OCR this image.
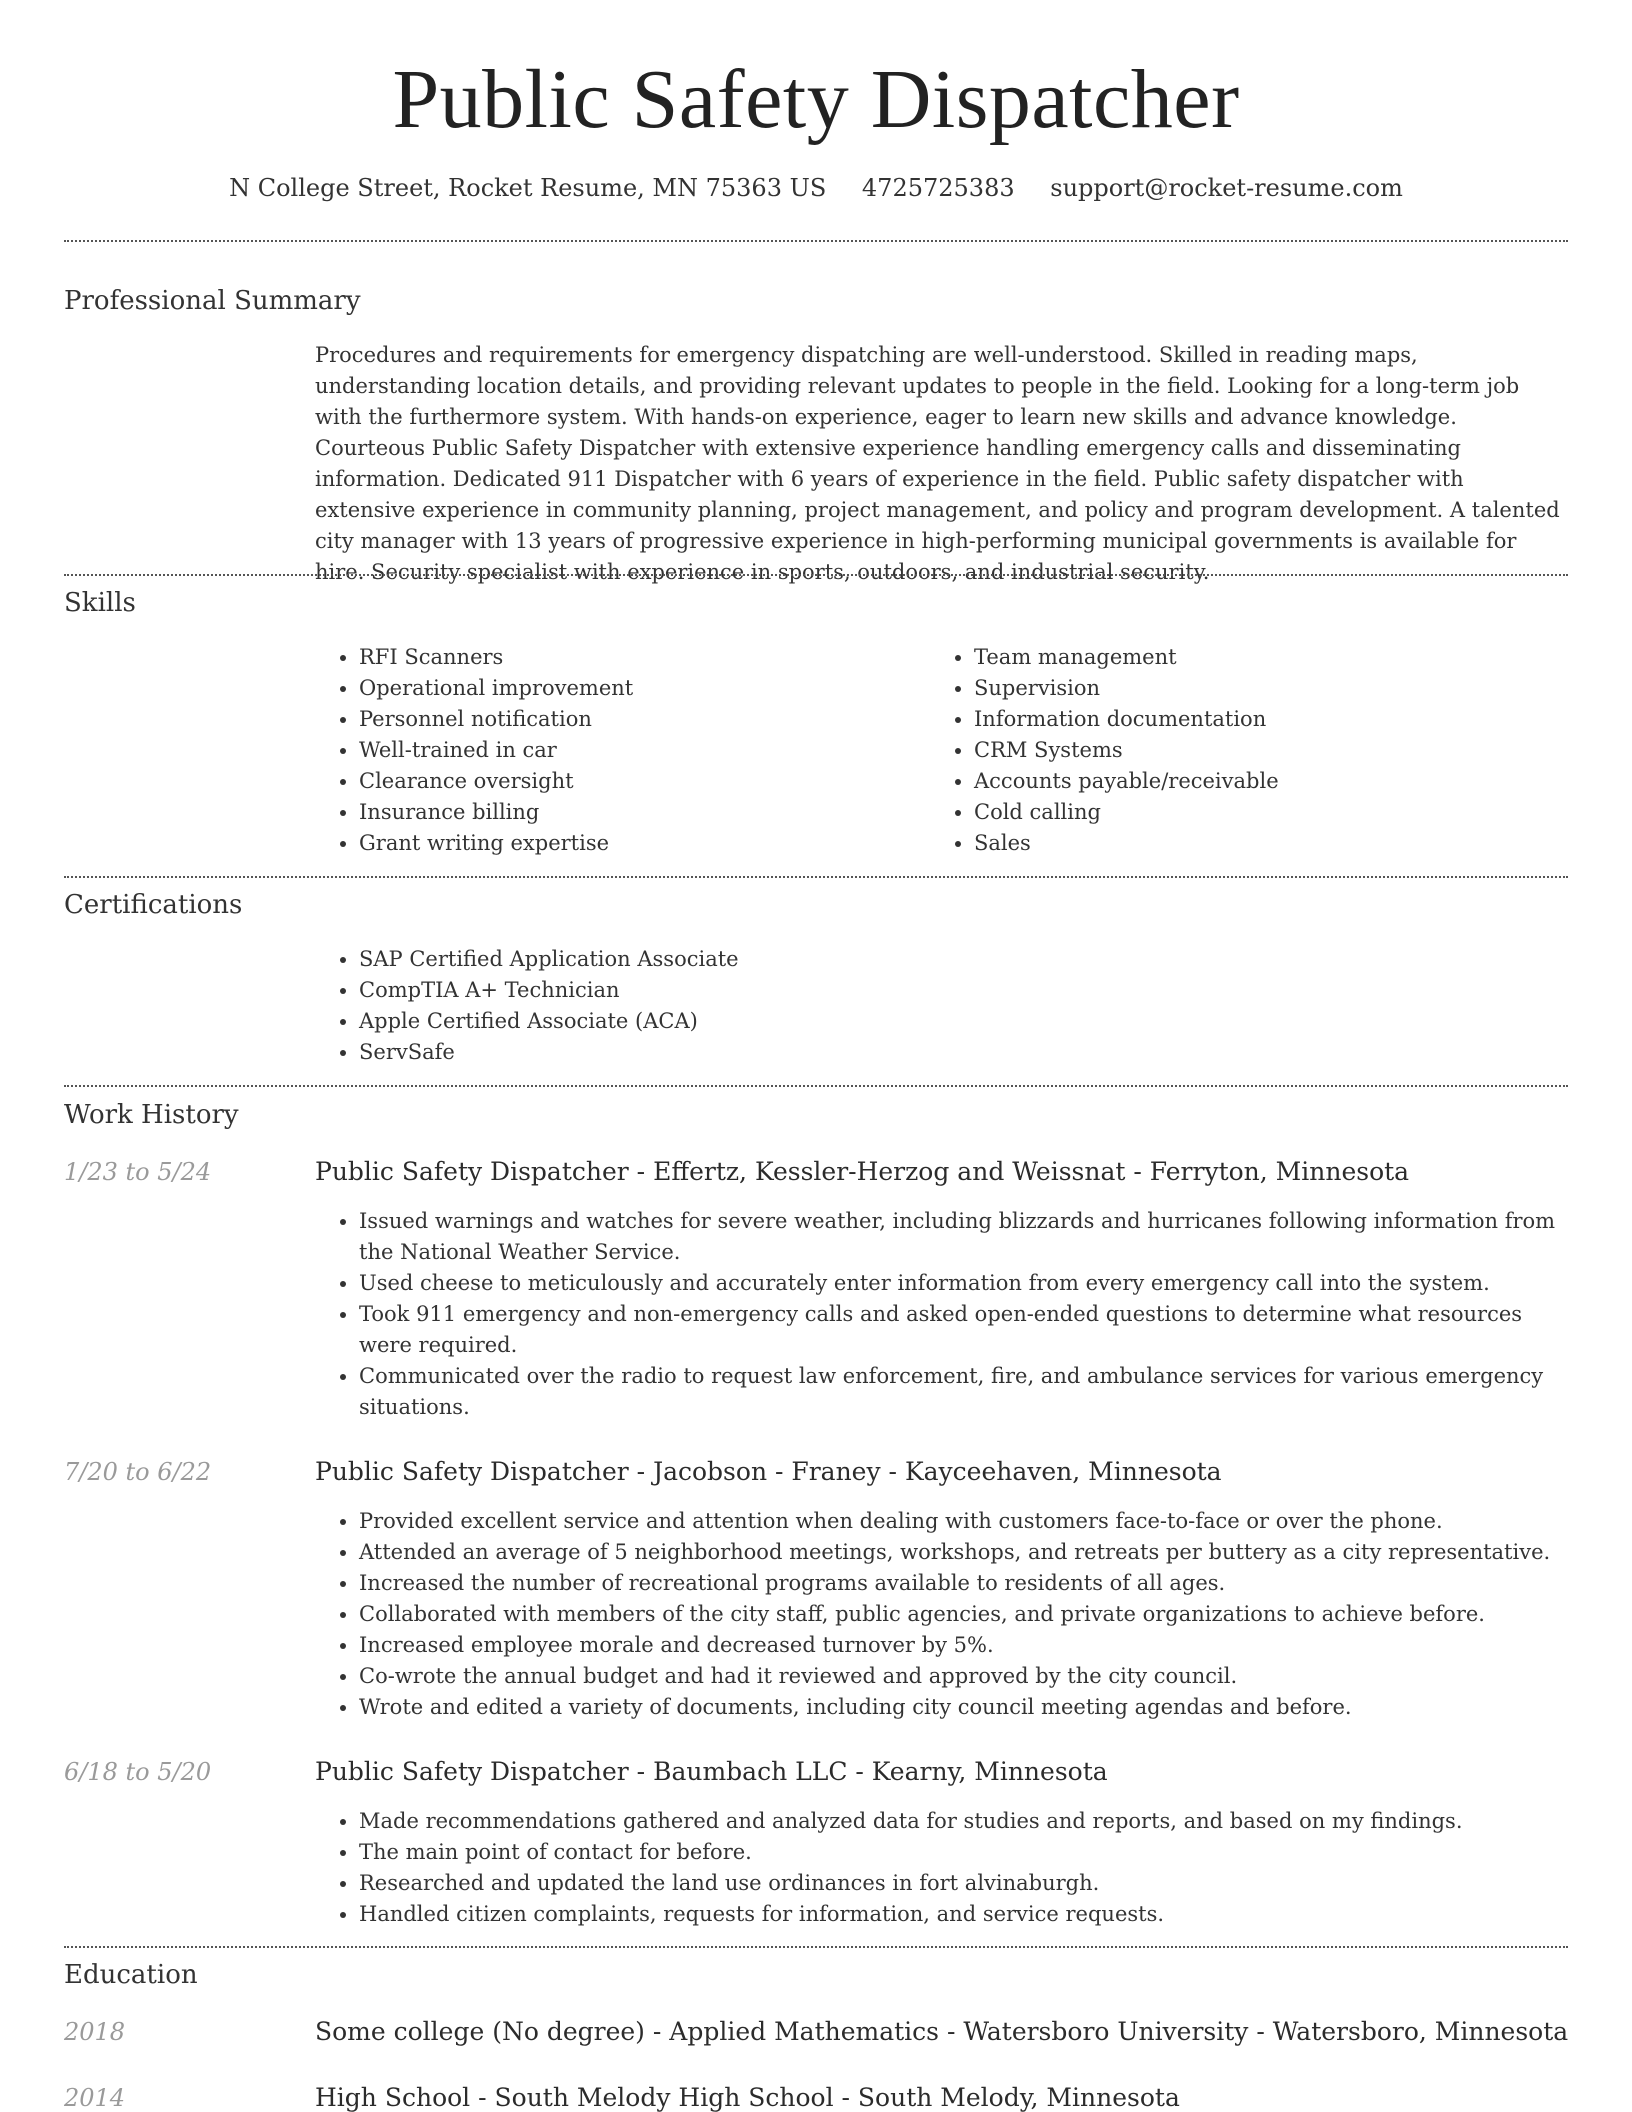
Public Safety Dispatcher
N College Street, Rocket Resume, MN 75363 US 4725725383 support@rocket-resume.com
Professional Summary
Procedures and requirements for emergency dispatching are well-understood. Skilled in reading maps, understanding location details, and providing relevant updates to people in the field. Looking for a long-term job with the furthermore system. With hands-on experience, eager to learn new skills and advance knowledge. Courteous Public Safety Dispatcher with extensive experience handling emergency calls and disseminating information. Dedicated 911 Dispatcher with 6 years of experience in the field. Public safety dispatcher with extensive experience in community planning, project management, and policy and program development. A talented city manager with 13 years of progressive experience in high-performing municipal governments is available for hire. Security specialist with experience in sports, outdoors, and industrial security.
Skills
• RFI Scanners
• Operational improvement
• Personnel notification
• Well-trained in car
• Clearance oversight
• Insurance billing
• Grant writing expertise
• Team management
• Supervision
• Information documentation
• CRM Systems
• Accounts payable/receivable
• Cold calling
• Sales
Certifications
• SAP Certified Application Associate
• CompTIA A+ Technician
• Apple Certified Associate (ACA)
• ServSafe
Work History
1/23 to 5/24	Public Safety Dispatcher - Effertz, Kessler-Herzog and Weissnat - Ferryton, Minnesota
• Issued warnings and watches for severe weather, including blizzards and hurricanes following information from the National Weather Service.
• Used cheese to meticulously and accurately enter information from every emergency call into the system.
• Took 911 emergency and non-emergency calls and asked open-ended questions to determine what resources were required.
• Communicated over the radio to request law enforcement, fire, and ambulance services for various emergency situations.
7/20 to 6/22	Public Safety Dispatcher - Jacobson - Franey - Kayceehaven, Minnesota
• Provided excellent service and attention when dealing with customers face-to-face or over the phone.
• Attended an average of 5 neighborhood meetings, workshops, and retreats per buttery as a city representative.
• Increased the number of recreational programs available to residents of all ages.
• Collaborated with members of the city staff, public agencies, and private organizations to achieve before.
• Increased employee morale and decreased turnover by 5%.
• Co-wrote the annual budget and had it reviewed and approved by the city council.
• Wrote and edited a variety of documents, including city council meeting agendas and before.
6/18 to 5/20	Public Safety Dispatcher - Baumbach LLC - Kearny, Minnesota
• Made recommendations gathered and analyzed data for studies and reports, and based on my findings.
• The main point of contact for before.
• Researched and updated the land use ordinances in fort alvinaburgh.
• Handled citizen complaints, requests for information, and service requests.
Education
2018	Some college (No degree) - Applied Mathematics - Watersboro University - Watersboro, Minnesota
2014	High School - South Melody High School - South Melody, Minnesota
